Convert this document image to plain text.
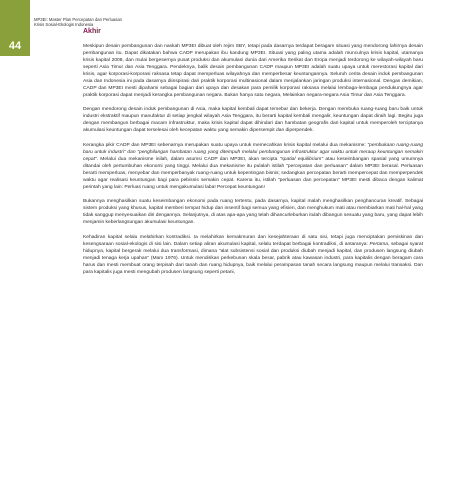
44
MP3EI: Master Plan Percepatan dan Perluasan
Krisis Sosial-Ekologis Indonesia
Akhir

Meskipun desain pembangunan dan naskah MP3EI dibuat oleh rejim SBY, tetapi pada dasarnya terdapat beragam situasi yang mendorong lahirnya desain pembangunan itu. Dapat dikatakan bahwa CADP merupakan ibu kandung MP3EI. Situasi yang paling utama adalah munculnya krisis kapital, utamanya krisis kapital 2008, dan mulai bergesernya pusat produksi dan akumulasi dunia dari Amerika Serikat dan Eropa menjadi terdorong ke wilayah-wilayah baru seperti Asia Timur dan Asia Tenggara. Pendeknya, balik desain pembangunan CADP maupun MP3EI adalah suatu upaya untuk merestorasi kapital dari krisis, agar korporasi-korporasi raksasa tetap dapat memperluas wilayahnya dan memperbesar keuntungannya. Seluruh cerita desain induk pembangunan Asia dan Indonesia ini pada dasarnya diinspirasi dari praktik korporasi multinasional dalam menjalankan jaringan produksi internasional. Dengan demikian, CADP dan MP3EI mesti dipahami sebagai bagian dari upaya dan desakan para pemilik korporasi raksasa melalui lembaga-lembaga pendukungnya agar praktik korporasi dapat menjadi kerangka pembangunan negara. Bukan hanya satu negara, Melainkan negara-negara Asia Timur dan Asia Tenggara.

Dengan mendorong desain induk pembangunan di Asia, maka kapital kembali dapat tersebar dan bekerja. Dengan membuka ruang-ruang baru baik untuk industri ekstraktif maupun manufaktur di setiap jengkal wilayah Asia Tenggara, itu berarti kapital kembali mengalir, keuntungan dapat diraih lagi. Begitu juga dengan membangun berbagai macam infrastruktur, maka krisis kapital dapat dihindari dan hambatan geografis dari kapital untuk memperoleh terciptanya akumulasi keuntungan dapat terselesai oleh kecepatan waktu yang semakin dipersempit dan diperpendek.

Kerangka pikir CADP dan MP3EI sebenarnya merupakan suatu upaya untuk memecahkan krisis kapital melalui dua mekanisme: "pembukaan ruang-ruang baru untuk industri" dan "penghilangan hambatan ruang yang ditempuh melalui pembangunan infrastruktur agar waktu untuk meraup keuntungan semakin cepat". Melalui dua mekanisme inilah, dalam asumsi CADP dan MP3EI, akan tercipta "spatial equilibrium" atau keseimbangan spasial yang umumnya ditandai oleh pertumbuhan ekonomi yang tinggi. Melalui dua mekanisme itu pulalah istilah "percepatan dan perluasan" dalam MP3EI berasal. Perluasan berarti memperluas, menyebar dan memperbanyak ruang-ruang untuk kepentingan bisnis; sedangkan percepatan berarti mempercepat dan memperpendek waktu agar realisasi keuntungan bagi para pebisnis semakin cepat. Karena itu, istilah "perluasan dan percepatan" MP3EI mesti dibaca dengan kalimat perintah yang lain: Perluas ruang untuk mengakumulasi laba! Percepat keuntungan!

Bukannya menghasilkan suatu keseimbangan ekonomi pada ruang tertentu, pada dasarnya, kapital malah menghasilkan penghancuran kreatif. Sebagai sistem produksi yang khusus, kapital memberi tempat hidup dan insentif bagi semua yang efisien, dan menghukum mati atau membiarkan mati hal-hal yang tidak sanggup menyesuaikan diri dengannya. Selanjutnya, di atas apa-apa yang telah dihancurleburkan itulah dibangun sesuatu yang baru, yang dapat lebih menjamin keberlangsungan akumulasi keuntungan.

Kehadiran kapital selalu melahirkan kontradiksi. Ia melahirkan kemakmuran dan kesejahteraan di satu sisi, tetapi juga menciptakan pemiskinan dan kesengsaraan sosial-ekologis di sisi lain. Dalam setiap aliran akumulasi kapital, selalu terdapat berbagai kontradiksi, di antaranya: Pertama, sebagai syarat hidupnya, kapital bergerak melalui dua transformasi, dimana "alat subsistensi sosial dan produksi diubah menjadi kapital, dan produsen langsung diubah menjadi tenaga kerja upahan" (Marx 1976). Untuk mendirikan perkebunan skala besar, pabrik atau kawasan industri, para kapitalis dengan beragam cara harus dan mesti membuat orang terpisah dari tanah dan ruang hidupnya, baik melalui perampasan tanah secara langsung maupun melalui transaksi. Dan para kapitalis juga mesti mengubah produsen langsung seperti petani,
